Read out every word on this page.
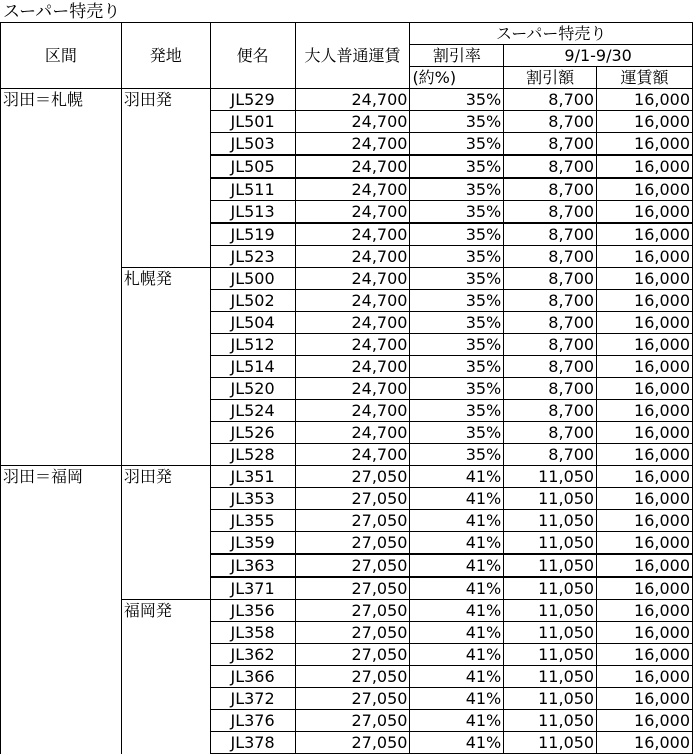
スーパー特売り
区間	発地	便名	大人普通運賃	スーパー特売り		
				割引率	9/1-9/30	
				(約%)	割引額	運賃額
羽田＝札幌	羽田発	JL529	24,700	35%	8,700	16,000
		JL501	24,700	35%	8,700	16,000
		JL503	24,700	35%	8,700	16,000
		JL505	24,700	35%	8,700	16,000
		JL511	24,700	35%	8,700	16,000
		JL513	24,700	35%	8,700	16,000
		JL519	24,700	35%	8,700	16,000
		JL523	24,700	35%	8,700	16,000
	札幌発	JL500	24,700	35%	8,700	16,000
		JL502	24,700	35%	8,700	16,000
		JL504	24,700	35%	8,700	16,000
		JL512	24,700	35%	8,700	16,000
		JL514	24,700	35%	8,700	16,000
		JL520	24,700	35%	8,700	16,000
		JL524	24,700	35%	8,700	16,000
		JL526	24,700	35%	8,700	16,000
		JL528	24,700	35%	8,700	16,000
羽田＝福岡	羽田発	JL351	27,050	41%	11,050	16,000
		JL353	27,050	41%	11,050	16,000
		JL355	27,050	41%	11,050	16,000
		JL359	27,050	41%	11,050	16,000
		JL363	27,050	41%	11,050	16,000
		JL371	27,050	41%	11,050	16,000
	福岡発	JL356	27,050	41%	11,050	16,000
		JL358	27,050	41%	11,050	16,000
		JL362	27,050	41%	11,050	16,000
		JL366	27,050	41%	11,050	16,000
		JL372	27,050	41%	11,050	16,000
		JL376	27,050	41%	11,050	16,000
		JL378	27,050	41%	11,050	16,000
